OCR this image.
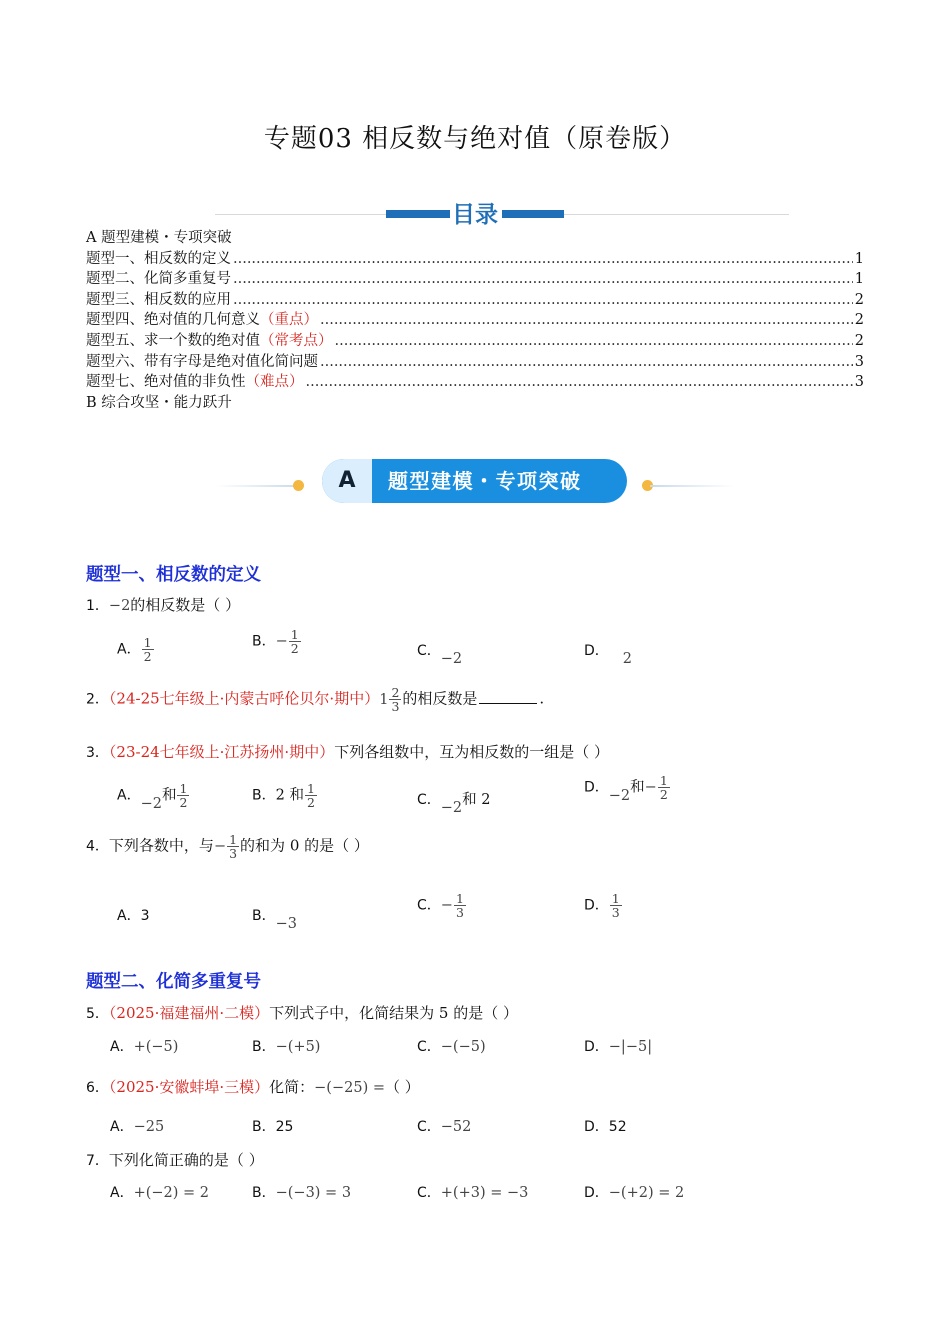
专题03 相反数与绝对值（原卷版）
目录
A 题型建模・专项突破
题型一、相反数的定义 .....	1
题型二、化简多重复号 .....	1
题型三、相反数的应用 .....	2
题型四、绝对值的几何意义 （重点） .....	2
题型五、求一个数的绝对值 （常考点） .....	2
题型六、带有字母是绝对值化简问题 .....	3
题型七、绝对值的非负性 （难点） .....	3
B 综合攻坚・能力跃升
A	题型建模・专项突破
题型一、相反数的定义
1．−2的相反数是（ ）
A． $\frac{1}{2}$	B．− $\frac{1}{2}$	C．−2	D． 2
2．（24-25七年级上·内蒙古呼伦贝尔·期中） 1 2
3 的相反数是	.
3．（23-24七年级上·江苏扬州·期中）下列各组数中，互为相反数的一组是（ ）
A．−2和 $\frac{1}{2}$	B．2 和 $\frac{1}{2}$	C．−2和 2
D．−2和− $\frac{1}{2}$
4．下列各数中，与− $\frac{1}{3}$ 的和为 0 的是（ ）
A．3	B．−3
C．− $\frac{1}{3}$	D． $\frac{1}{3}$
题型二、化简多重复号
5．（2025·福建福州·二模）下列式子中，化简结果为 5 的是（ ）
A．+(−5)	B．−(+5)	C．−(−5)	D．−|−5|
6．（2025·安徽蚌埠·三模）化简：−(−25) =（ ）
A．−25	B．25	C．−52	D．52
7．下列化简正确的是（ ）
A．+(−2) = 2	B．−(−3) = 3	C．+(+3) = −3	D．−(+2) = 2
